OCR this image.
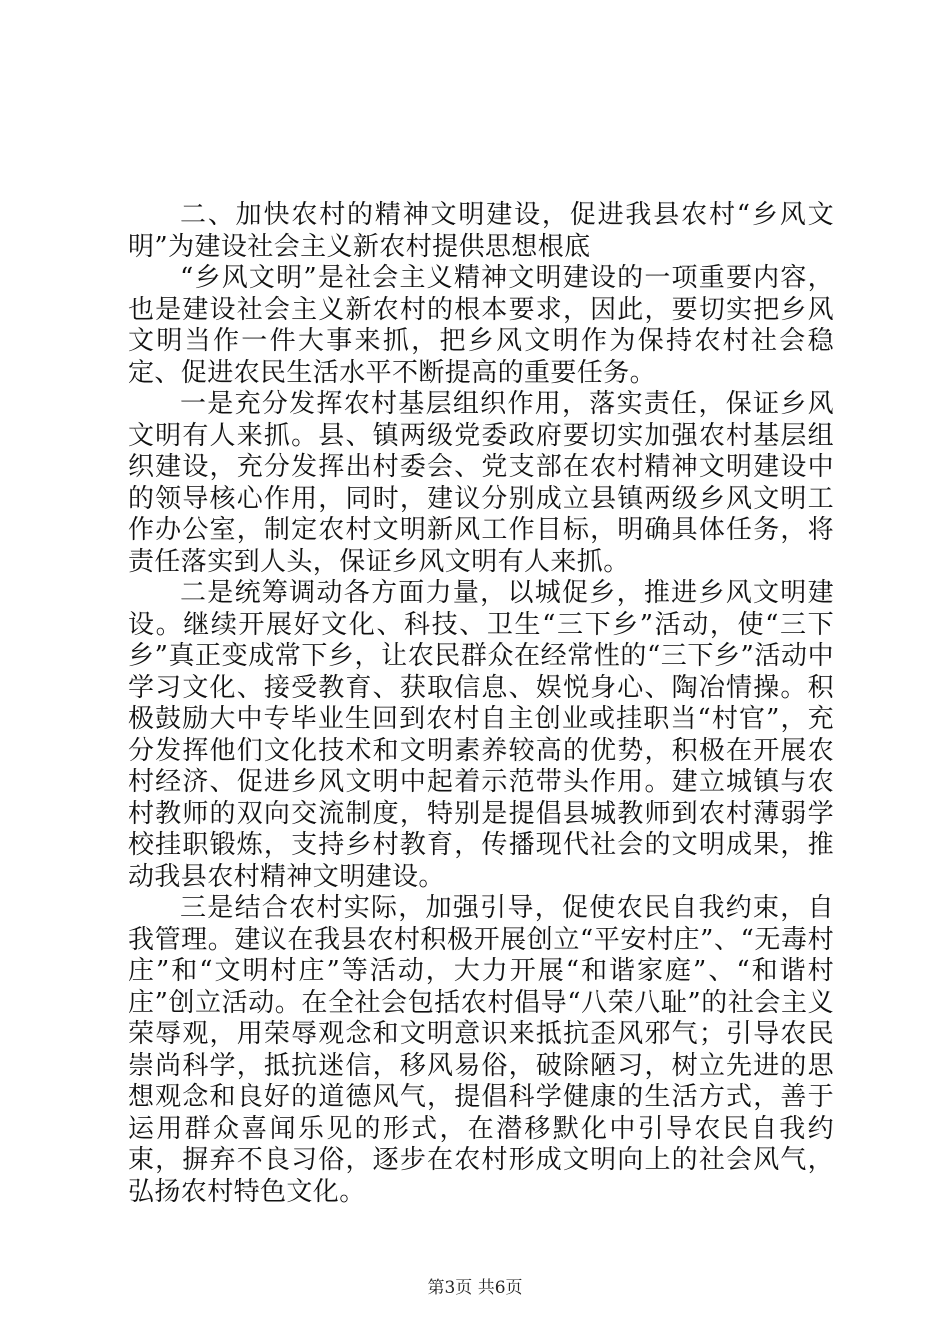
二、加快农村的精神文明建设，促进我县农村“乡风文明”为建设社会主义新农村提供思想根底

“乡风文明”是社会主义精神文明建设的一项重要内容，也是建设社会主义新农村的根本要求，因此，要切实把乡风文明当作一件大事来抓，把乡风文明作为保持农村社会稳定、促进农民生活水平不断提高的重要任务。

一是充分发挥农村基层组织作用，落实责任，保证乡风文明有人来抓。县、镇两级党委政府要切实加强农村基层组织建设，充分发挥出村委会、党支部在农村精神文明建设中的领导核心作用，同时，建议分别成立县镇两级乡风文明工作办公室，制定农村文明新风工作目标，明确具体任务，将责任落实到人头，保证乡风文明有人来抓。

二是统筹调动各方面力量，以城促乡，推进乡风文明建设。继续开展好文化、科技、卫生“三下乡”活动，使“三下乡”真正变成常下乡，让农民群众在经常性的“三下乡”活动中学习文化、接受教育、获取信息、娱悦身心、陶冶情操。积极鼓励大中专毕业生回到农村自主创业或挂职当“村官”，充分发挥他们文化技术和文明素养较高的优势，积极在开展农村经济、促进乡风文明中起着示范带头作用。建立城镇与农村教师的双向交流制度，特别是提倡县城教师到农村薄弱学校挂职锻炼，支持乡村教育，传播现代社会的文明成果，推动我县农村精神文明建设。

三是结合农村实际，加强引导，促使农民自我约束，自我管理。建议在我县农村积极开展创立“平安村庄”、“无毒村庄”和“文明村庄”等活动，大力开展“和谐家庭”、“和谐村庄”创立活动。在全社会包括农村倡导“八荣八耻”的社会主义荣辱观，用荣辱观念和文明意识来抵抗歪风邪气；引导农民崇尚科学，抵抗迷信，移风易俗，破除陋习，树立先进的思想观念和良好的道德风气，提倡科学健康的生活方式，善于运用群众喜闻乐见的形式，在潜移默化中引导农民自我约束，摒弃不良习俗，逐步在农村形成文明向上的社会风气，弘扬农村特色文化。

第3页 共6页
